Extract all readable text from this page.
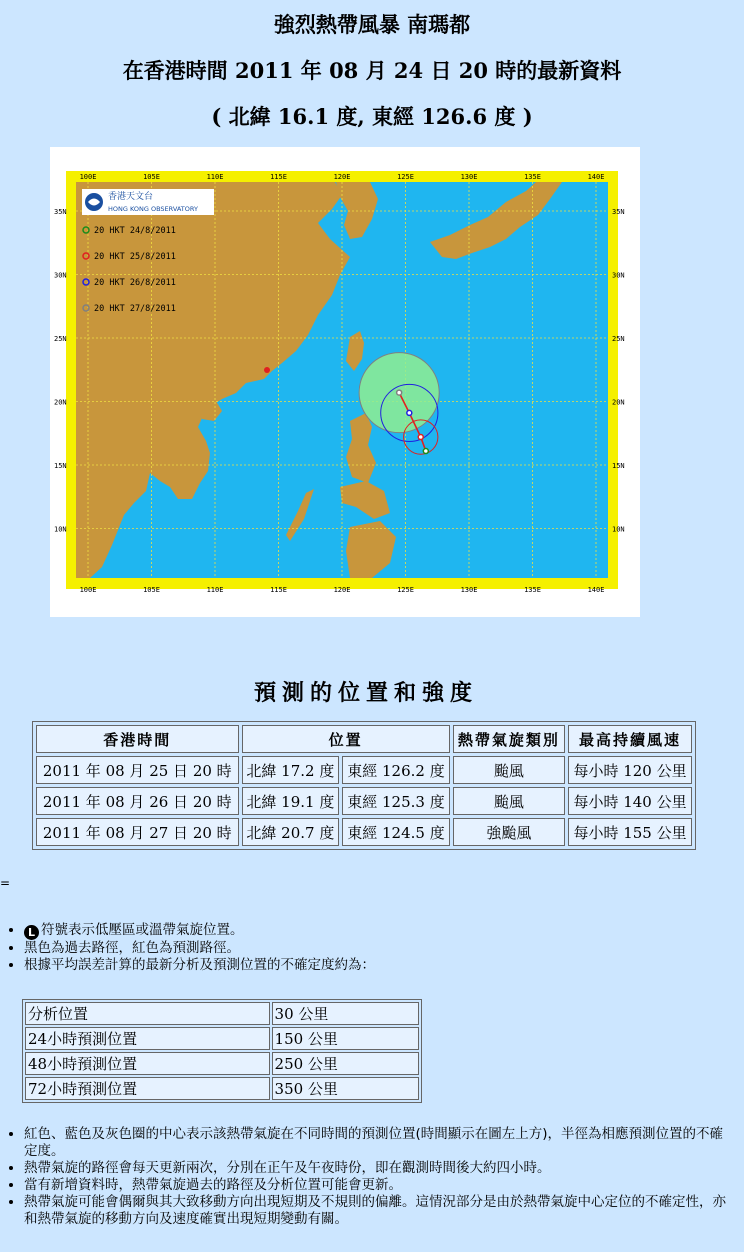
強烈熱帶風暴 南瑪都
在香港時間 2011 年 08 月 24 日 20 時的最新資料
( 北緯 16.1 度, 東經 126.6 度 )
100E
100E
105E
105E
110E
110E
115E
115E
120E
120E
125E
125E
130E
130E
135E
135E
140E
140E
35N	35N
30N	30N
25N	25N
20N	20N
15N	15N
10N	10N
香港天文台
HONG KONG OBSERVATORY
20 HKT 24/8/2011
20 HKT 25/8/2011
20 HKT 26/8/2011
20 HKT 27/8/2011
預測的位置和強度
香港時間	位置		熱帶氣旋類別	最高持續風速
2011 年 08 月 25 日 20 時	北緯 17.2 度	東經 126.2 度	颱風	每小時 120 公里
2011 年 08 月 26 日 20 時	北緯 19.1 度	東經 125.3 度	颱風	每小時 140 公里
2011 年 08 月 27 日 20 時	北緯 20.7 度	東經 124.5 度	強颱風	每小時 155 公里
=
• L 符號表示低壓區或溫帶氣旋位置。
• 黑色為過去路徑，紅色為預測路徑。
• 根據平均誤差計算的最新分析及預測位置的不確定度約為：
分析位置	30 公里
24小時預測位置	150 公里
48小時預測位置	250 公里
72小時預測位置	350 公里
• 紅色、藍色及灰色圈的中心表示該熱帶氣旋在不同時間的預測位置(時間顯示在圖左上方)，半徑為相應預測位置的不確定度。
• 熱帶氣旋的路徑會每天更新兩次，分別在正午及午夜時份，即在觀測時間後大約四小時。
• 當有新增資料時，熱帶氣旋過去的路徑及分析位置可能會更新。
• 熱帶氣旋可能會偶爾與其大致移動方向出現短期及不規則的偏離。這情況部分是由於熱帶氣旋中心定位的不確定性，亦和熱帶氣旋的移動方向及速度確實出現短期變動有關。
